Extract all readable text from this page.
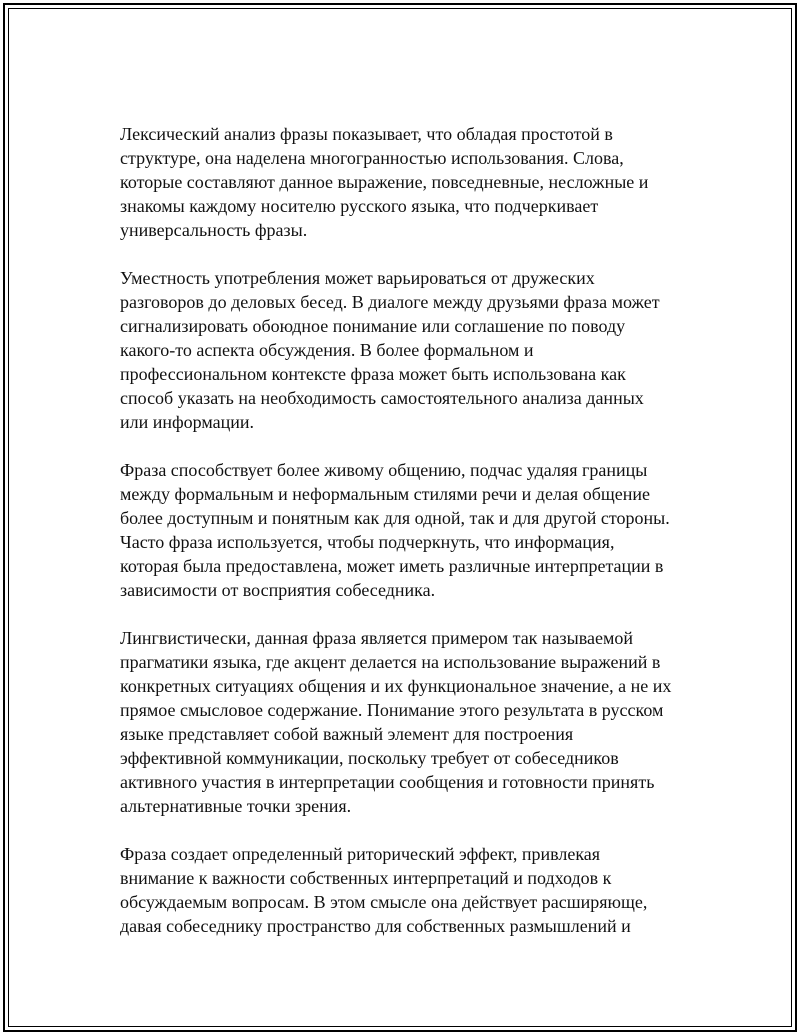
Лексический анализ фразы показывает, что обладая простотой в
структуре, она наделена многогранностью использования. Слова,
которые составляют данное выражение, повседневные, несложные и
знакомы каждому носителю русского языка, что подчеркивает
универсальность фразы.

Уместность употребления может варьироваться от дружеских
разговоров до деловых бесед. В диалоге между друзьями фраза может
сигнализировать обоюдное понимание или соглашение по поводу
какого-то аспекта обсуждения. В более формальном и
профессиональном контексте фраза может быть использована как
способ указать на необходимость самостоятельного анализа данных
или информации.

Фраза способствует более живому общению, подчас удаляя границы
между формальным и неформальным стилями речи и делая общение
более доступным и понятным как для одной, так и для другой стороны.
Часто фраза используется, чтобы подчеркнуть, что информация,
которая была предоставлена, может иметь различные интерпретации в
зависимости от восприятия собеседника.

Лингвистически, данная фраза является примером так называемой
прагматики языка, где акцент делается на использование выражений в
конкретных ситуациях общения и их функциональное значение, а не их
прямое смысловое содержание. Понимание этого результата в русском
языке представляет собой важный элемент для построения
эффективной коммуникации, поскольку требует от собеседников
активного участия в интерпретации сообщения и готовности принять
альтернативные точки зрения.

Фраза создает определенный риторический эффект, привлекая
внимание к важности собственных интерпретаций и подходов к
обсуждаемым вопросам. В этом смысле она действует расширяюще,
давая собеседнику пространство для собственных размышлений и
